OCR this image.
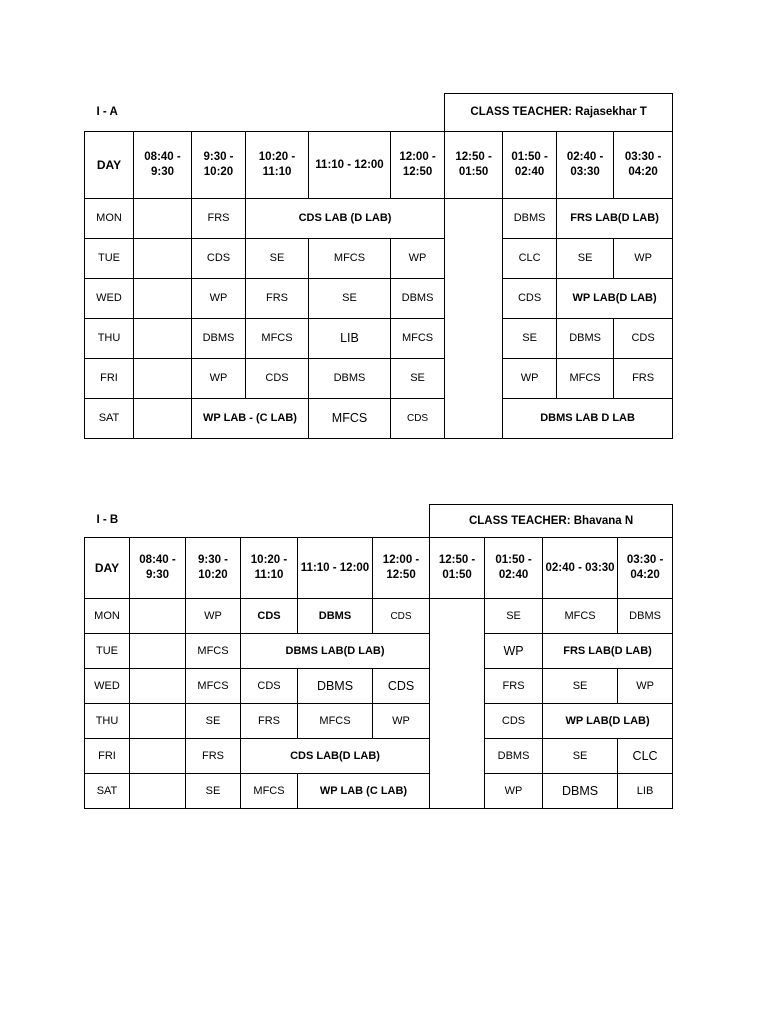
I - A						CLASS TEACHER: Rajasekhar T			
DAY	08:40 - 9:30	9:30 - 10:20	10:20 - 11:10	11:10 - 12:00	12:00 - 12:50	12:50 - 01:50	01:50 - 02:40	02:40 - 03:30	03:30 - 04:20
MON		FRS	CDS LAB (D LAB)				DBMS	FRS LAB(D LAB)	
TUE		CDS	SE	MFCS	WP		CLC	SE	WP
WED		WP	FRS	SE	DBMS		CDS	WP LAB(D LAB)	
THU		DBMS	MFCS	LIB	MFCS		SE	DBMS	CDS
FRI		WP	CDS	DBMS	SE		WP	MFCS	FRS
SAT		WP LAB - (C LAB)		MFCS	CDS		DBMS LAB D LAB		
I - B						CLASS TEACHER: Bhavana N			
DAY	08:40 - 9:30	9:30 - 10:20	10:20 - 11:10	11:10 - 12:00	12:00 - 12:50	12:50 - 01:50	01:50 - 02:40	02:40 - 03:30	03:30 - 04:20
MON		WP	CDS	DBMS	CDS		SE	MFCS	DBMS
TUE		MFCS	DBMS LAB(D LAB)				WP	FRS LAB(D LAB)	
WED		MFCS	CDS	DBMS	CDS		FRS	SE	WP
THU		SE	FRS	MFCS	WP		CDS	WP LAB(D LAB)	
FRI		FRS	CDS LAB(D LAB)				DBMS	SE	CLC
SAT		SE	MFCS	WP LAB (C LAB)			WP	DBMS	LIB
